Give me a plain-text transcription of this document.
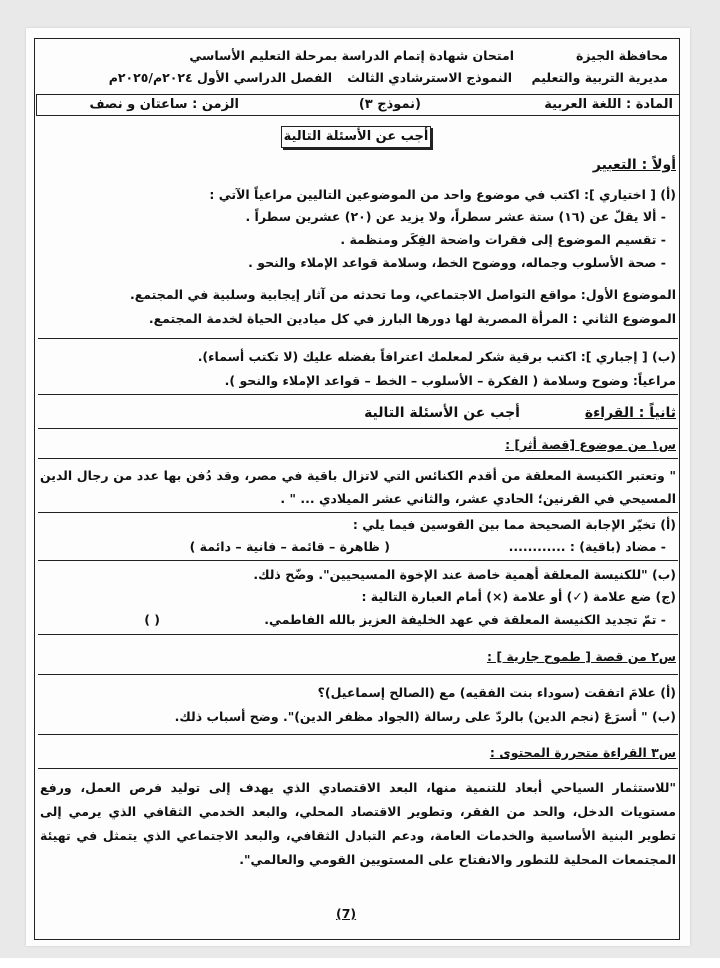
محافظة الجيزة
امتحان شهادة إتمام الدراسة بمرحلة التعليم الأساسي
مديرية التربية والتعليم
النموذج الاسترشادي الثالث
الفصل الدراسي الأول ٢٠٢٤م/٢٠٢٥م
المادة : اللغة العربية
(نموذج ٣)
الزمن : ساعتان و نصف
أجب عن الأسئلة التالية
أولاً : التعبير
(أ) [ اختياري ]: اكتب في موضوع واحد من الموضوعين التاليين مراعياً الآتي :
- ألا يقلّ عن (١٦) ستة عشر سطراً، ولا يزيد عن (٢٠) عشرين سطراً .
- تقسيم الموضوع إلى فقرات واضحة الفِكَر ومنظمة .
- صحة الأسلوب وجماله، ووضوح الخط، وسلامة قواعد الإملاء والنحو .
الموضوع الأول: مواقع التواصل الاجتماعي، وما تحدثه من آثار إيجابية وسلبية في المجتمع.
الموضوع الثاني : المرأة المصرية لها دورها البارز في كل ميادين الحياة لخدمة المجتمع.
(ب) [ إجباري ]: اكتب برقية شكر لمعلمك اعترافاً بفضله عليك (لا تكتب أسماء).
مراعياً: وضوح وسلامة ( الفكرة – الأسلوب – الخط – قواعد الإملاء والنحو ).
ثانياً : القراءة أجب عن الأسئلة التالية
س١ من موضوع [قصة أثر] :
" وتعتبر الكنيسة المعلقة من أقدم الكنائس التي لاتزال باقية في مصر، وقد دُفن بها عدد من رجال الدين المسيحي في القرنين؛ الحادي عشر، والثاني عشر الميلادي ... " .
(أ) تخيّر الإجابة الصحيحة مما بين القوسين فيما يلي :
- مضاد (باقية) : ............
( ظاهرة – قائمة – فانية – دائمة )
(ب) "للكنيسة المعلقة أهمية خاصة عند الإخوة المسيحيين". وضّح ذلك.
(ج) ضع علامة (✓) أو علامة (×) أمام العبارة التالية :
- تمّ تجديد الكنيسة المعلقة في عهد الخليفة العزيز بالله الفاطمي.
( )
س٢ من قصة [ طموح جارية ] :
(أ) علامَ اتفقت (سوداء بنت الفقيه) مع (الصالح إسماعيل)؟
(ب) " أسرَعَ (نجم الدين) بالردّ على رسالة (الجواد مظفر الدين)". وضح أسباب ذلك.
س٣ القراءة متحررة المحتوى :
"للاستثمار السياحي أبعاد للتنمية منها، البعد الاقتصادي الذي يهدف إلى توليد فرص العمل، ورفع مستويات الدخل، والحد من الفقر، وتطوير الاقتصاد المحلي، والبعد الخدمي الثقافي الذي يرمي إلى تطوير البنية الأساسية والخدمات العامة، ودعم التبادل الثقافي، والبعد الاجتماعي الذي يتمثل في تهيئة المجتمعات المحلية للتطور والانفتاح على المستويين القومي والعالمي".
(7)
